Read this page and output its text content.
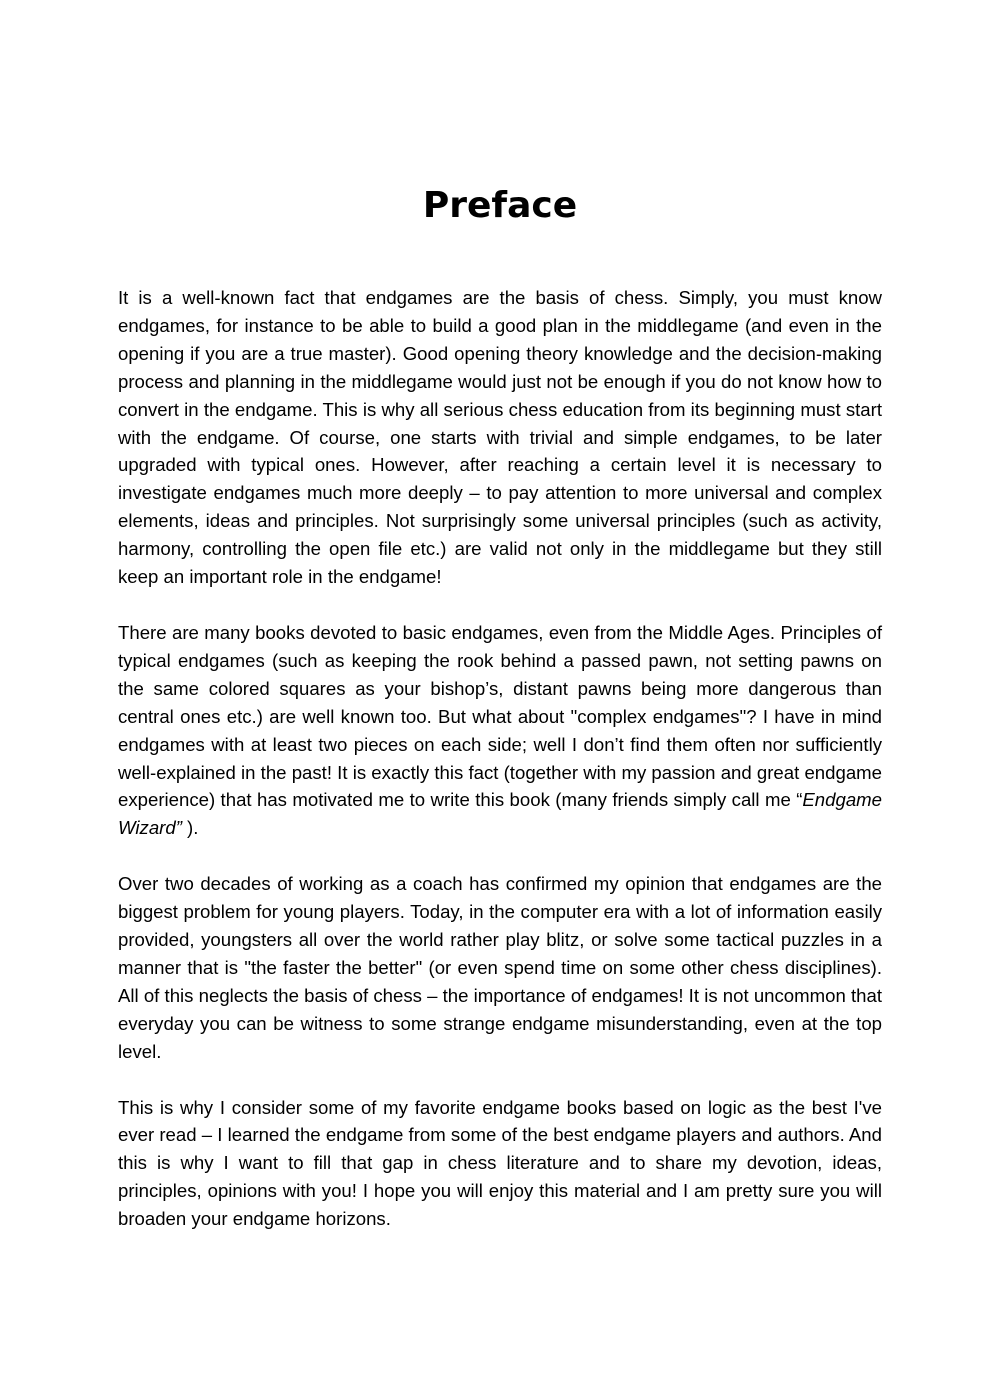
Preface

It is a well-known fact that endgames are the basis of chess. Simply, you must know endgames, for instance to be able to build a good plan in the middlegame (and even in the opening if you are a true master). Good opening theory knowledge and the decision-making process and planning in the middlegame would just not be enough if you do not know how to convert in the endgame. This is why all serious chess education from its beginning must start with the endgame. Of course, one starts with trivial and simple endgames, to be later upgraded with typical ones. However, after reaching a certain level it is necessary to investigate endgames much more deeply – to pay attention to more universal and complex elements, ideas and principles. Not surprisingly some universal principles (such as activity, harmony, controlling the open file etc.) are valid not only in the middlegame but they still keep an important role in the endgame!

There are many books devoted to basic endgames, even from the Middle Ages. Principles of typical endgames (such as keeping the rook behind a passed pawn, not setting pawns on the same colored squares as your bishop’s, distant pawns being more dangerous than central ones etc.) are well known too. But what about "complex endgames"? I have in mind endgames with at least two pieces on each side; well I don’t find them often nor sufficiently well-explained in the past! It is exactly this fact (together with my passion and great endgame experience) that has motivated me to write this book (many friends simply call me “Endgame Wizard” ).

Over two decades of working as a coach has confirmed my opinion that endgames are the biggest problem for young players. Today, in the computer era with a lot of information easily provided, youngsters all over the world rather play blitz, or solve some tactical puzzles in a manner that is "the faster the better" (or even spend time on some other chess disciplines). All of this neglects the basis of chess – the importance of endgames! It is not uncommon that everyday you can be witness to some strange endgame misunderstanding, even at the top level.

This is why I consider some of my favorite endgame books based on logic as the best I've ever read – I learned the endgame from some of the best endgame players and authors. And this is why I want to fill that gap in chess literature and to share my devotion, ideas, principles, opinions with you! I hope you will enjoy this material and I am pretty sure you will broaden your endgame horizons.
